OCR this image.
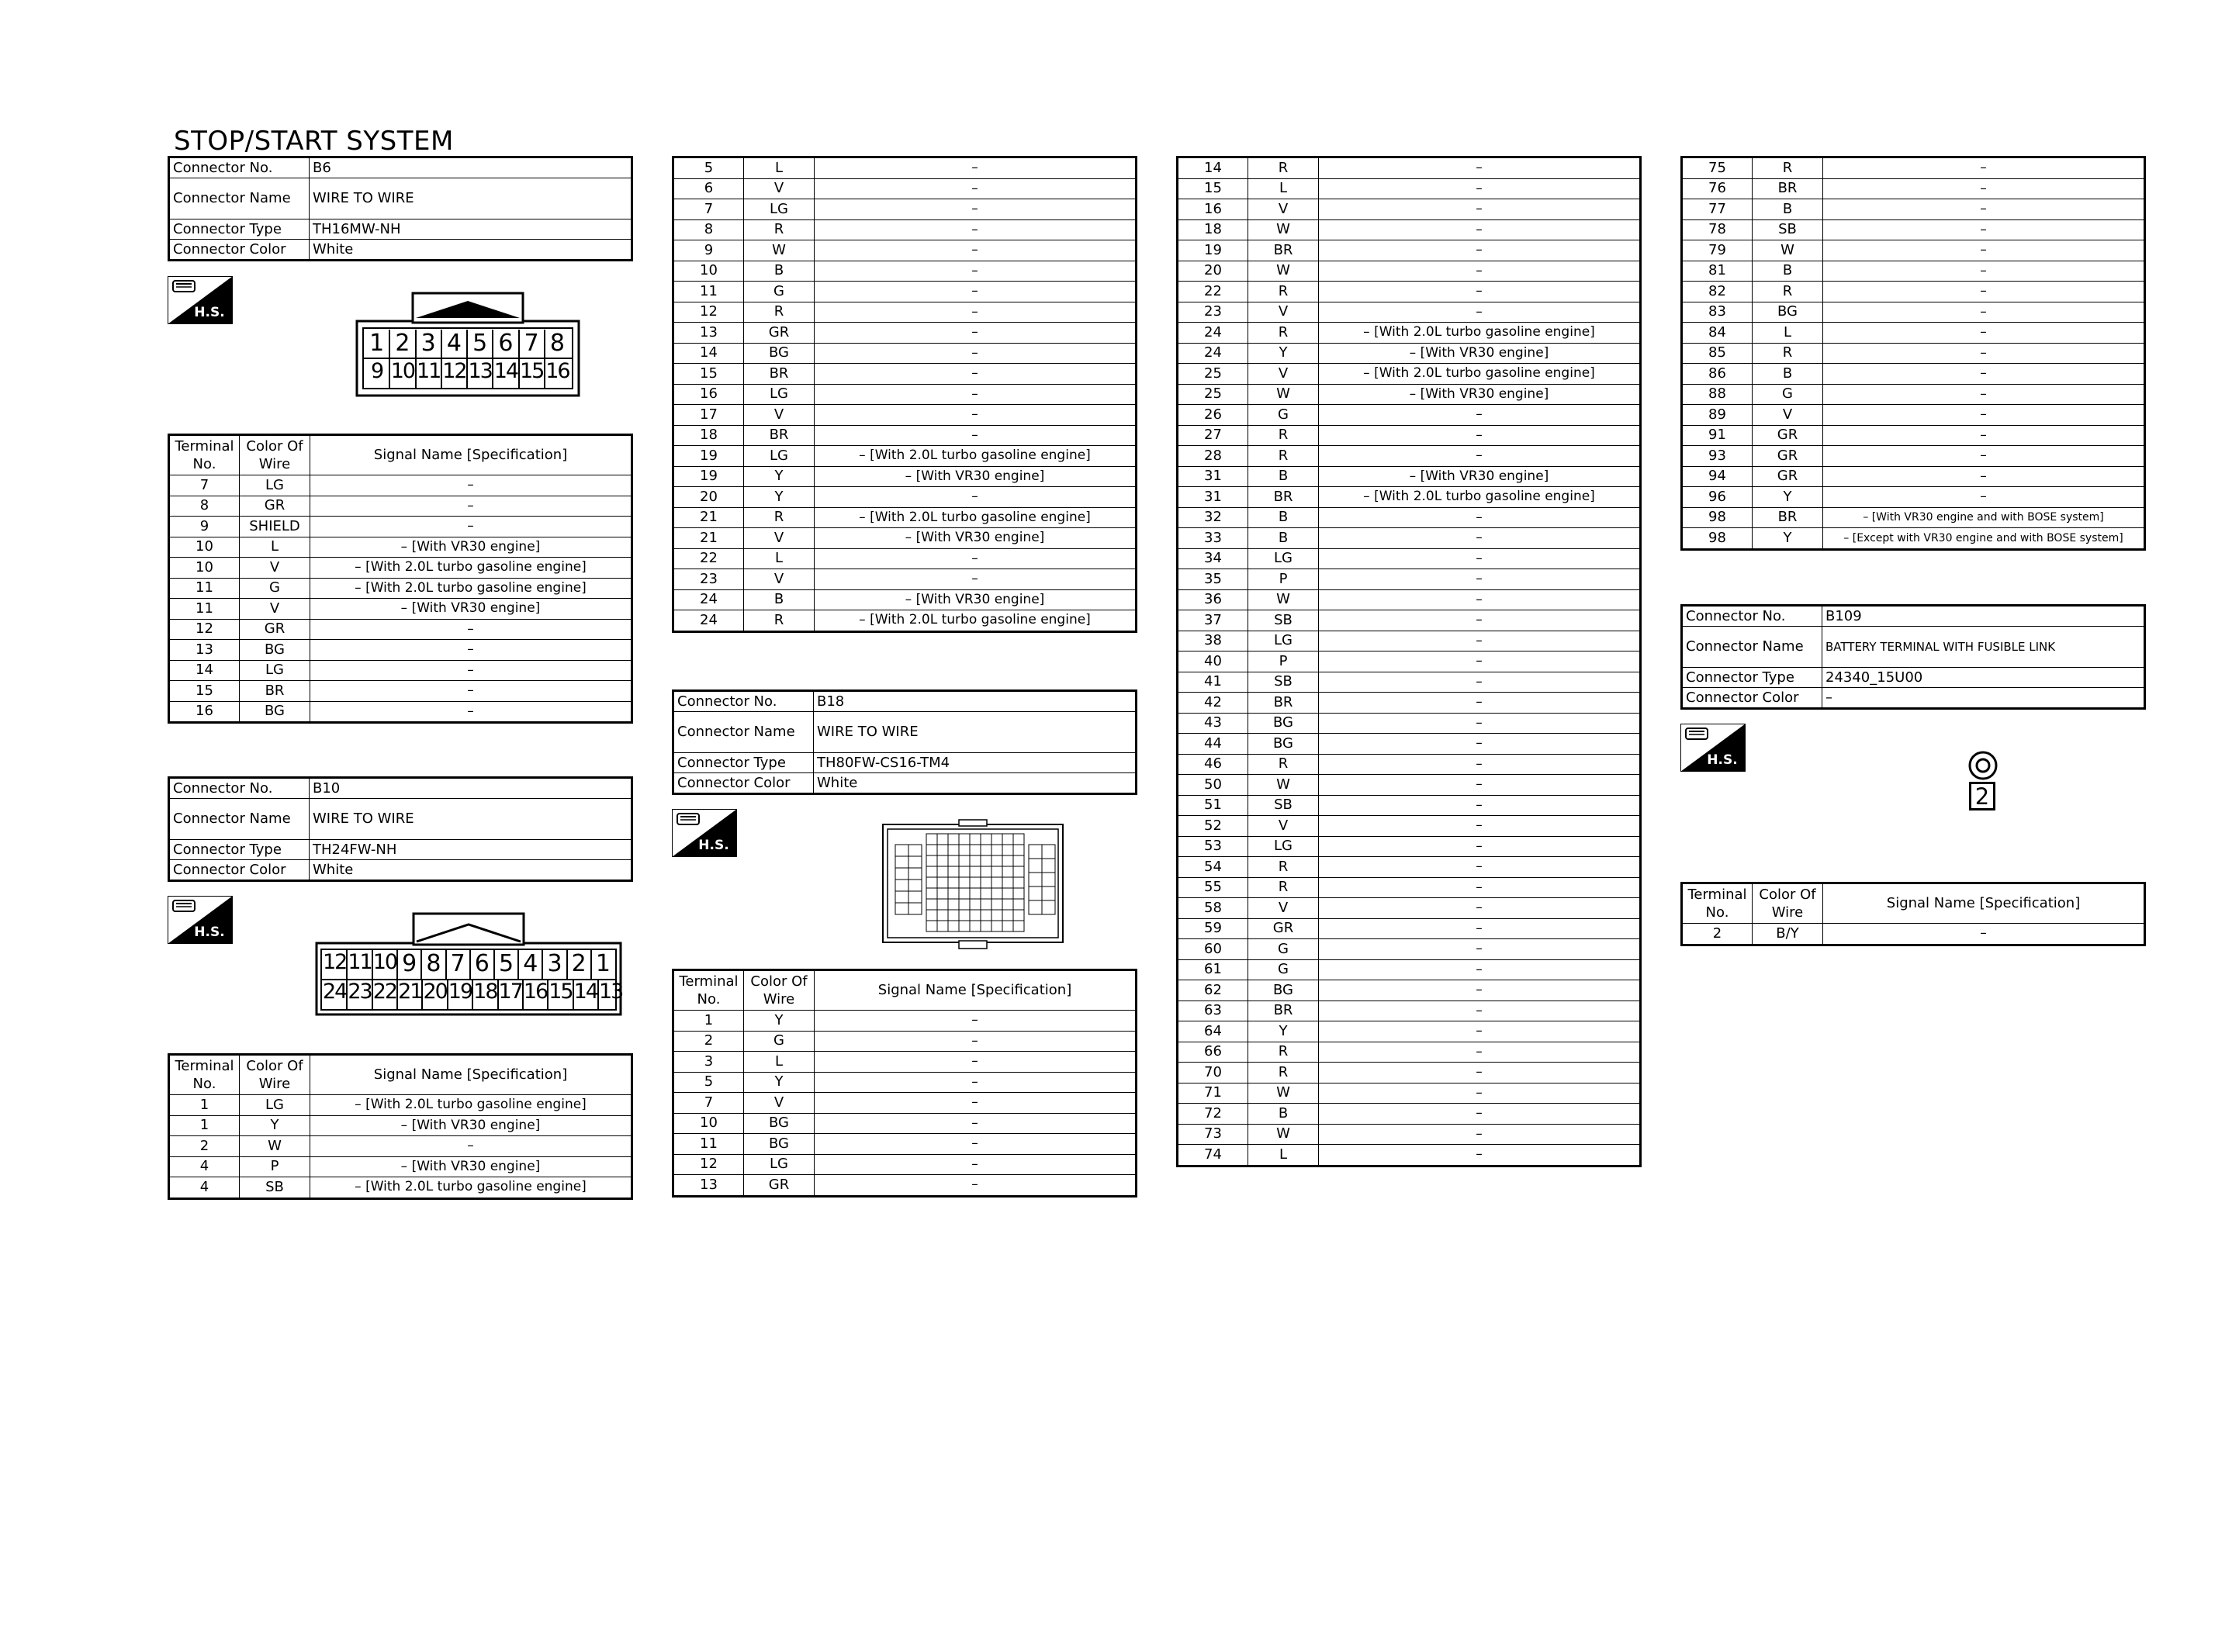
STOP/START SYSTEM
Connector No.	B6
Connector Name	WIRE TO WIRE
Connector Type	TH16MW-NH
Connector Color	White
H.S.
1 2 3 4 5 6 7 8
9 10 11 12 13 14 15 16
Terminal No.	Color Of Wire	Signal Name [Specification]
7	LG	–
8	GR	–
9	SHIELD	–
10	L	– [With VR30 engine]
10	V	– [With 2.0L turbo gasoline engine]
11	G	– [With 2.0L turbo gasoline engine]
11	V	– [With VR30 engine]
12	GR	–
13	BG	–
14	LG	–
15	BR	–
16	BG	–
Connector No.	B10
Connector Name	WIRE TO WIRE
Connector Type	TH24FW-NH
Connector Color	White
H.S.
12 11 10 9 8 7 6 5 4 3 2 1
24 23 22 21 20 19 18 17 16 15 14 13
Terminal No.	Color Of Wire	Signal Name [Specification]
1	LG	– [With 2.0L turbo gasoline engine]
1	Y	– [With VR30 engine]
2	W	–
4	P	– [With VR30 engine]
4	SB	– [With 2.0L turbo gasoline engine]
5	L	–
6	V	–
7	LG	–
8	R	–
9	W	–
10	B	–
11	G	–
12	R	–
13	GR	–
14	BG	–
15	BR	–
16	LG	–
17	V	–
18	BR	–
19	LG	– [With 2.0L turbo gasoline engine]
19	Y	– [With VR30 engine]
20	Y	–
21	R	– [With 2.0L turbo gasoline engine]
21	V	– [With VR30 engine]
22	L	–
23	V	–
24	B	– [With VR30 engine]
24	R	– [With 2.0L turbo gasoline engine]
Connector No.	B18
Connector Name	WIRE TO WIRE
Connector Type	TH80FW-CS16-TM4
Connector Color	White
H.S.
Terminal No.	Color Of Wire	Signal Name [Specification]
1	Y	–
2	G	–
3	L	–
5	Y	–
7	V	–
10	BG	–
11	BG	–
12	LG	–
13	GR	–
14	R	–
15	L	–
16	V	–
18	W	–
19	BR	–
20	W	–
22	R	–
23	V	–
24	R	– [With 2.0L turbo gasoline engine]
24	Y	– [With VR30 engine]
25	V	– [With 2.0L turbo gasoline engine]
25	W	– [With VR30 engine]
26	G	–
27	R	–
28	R	–
31	B	– [With VR30 engine]
31	BR	– [With 2.0L turbo gasoline engine]
32	B	–
33	B	–
34	LG	–
35	P	–
36	W	–
37	SB	–
38	LG	–
40	P	–
41	SB	–
42	BR	–
43	BG	–
44	BG	–
46	R	–
50	W	–
51	SB	–
52	V	–
53	LG	–
54	R	–
55	R	–
58	V	–
59	GR	–
60	G	–
61	G	–
62	BG	–
63	BR	–
64	Y	–
66	R	–
70	R	–
71	W	–
72	B	–
73	W	–
74	L	–
75	R	–
76	BR	–
77	B	–
78	SB	–
79	W	–
81	B	–
82	R	–
83	BG	–
84	L	–
85	R	–
86	B	–
88	G	–
89	V	–
91	GR	–
93	GR	–
94	GR	–
96	Y	–
98	BR	– [With VR30 engine and with BOSE system]
98	Y	– [Except with VR30 engine and with BOSE system]
Connector No.	B109
Connector Name	BATTERY TERMINAL WITH FUSIBLE LINK
Connector Type	24340_15U00
Connector Color	–
H.S.
2
Terminal No.	Color Of Wire	Signal Name [Specification]
2	B/Y	–
